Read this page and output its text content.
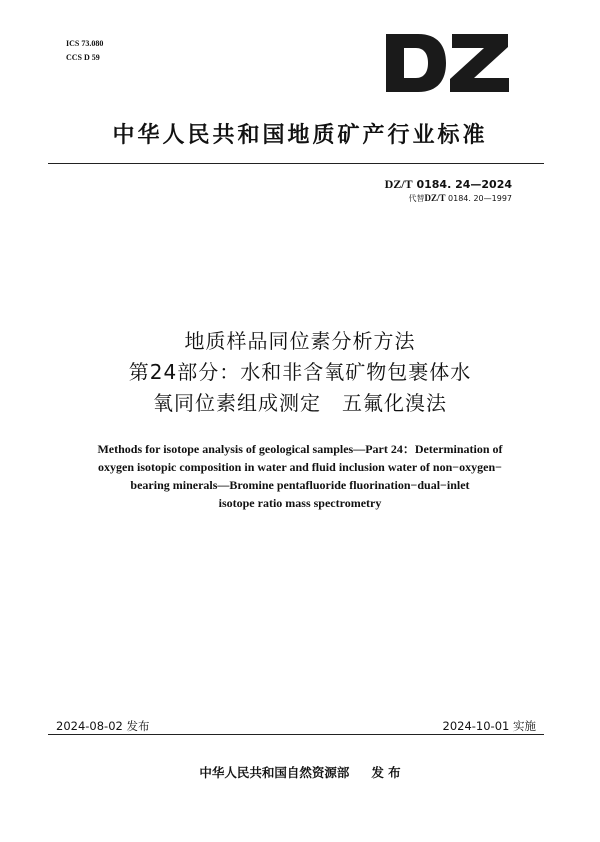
ICS 73.080
CCS D 59
中华人民共和国地质矿产行业标准
DZ/T 0184. 24—2024
代替DZ/T 0184. 20—1997
地质样品同位素分析方法
第24部分：水和非含氧矿物包裹体水
氧同位素组成测定　五氟化溴法
Methods for isotope analysis of geological samples—Part 24：Determination of
oxygen isotopic composition in water and fluid inclusion water of non−oxygen−
bearing minerals—Bromine pentafluoride fluorination−dual−inlet
isotope ratio mass spectrometry
2024-08-02 发布	2024-10-01 实施
中华人民共和国自然资源部 发 布
